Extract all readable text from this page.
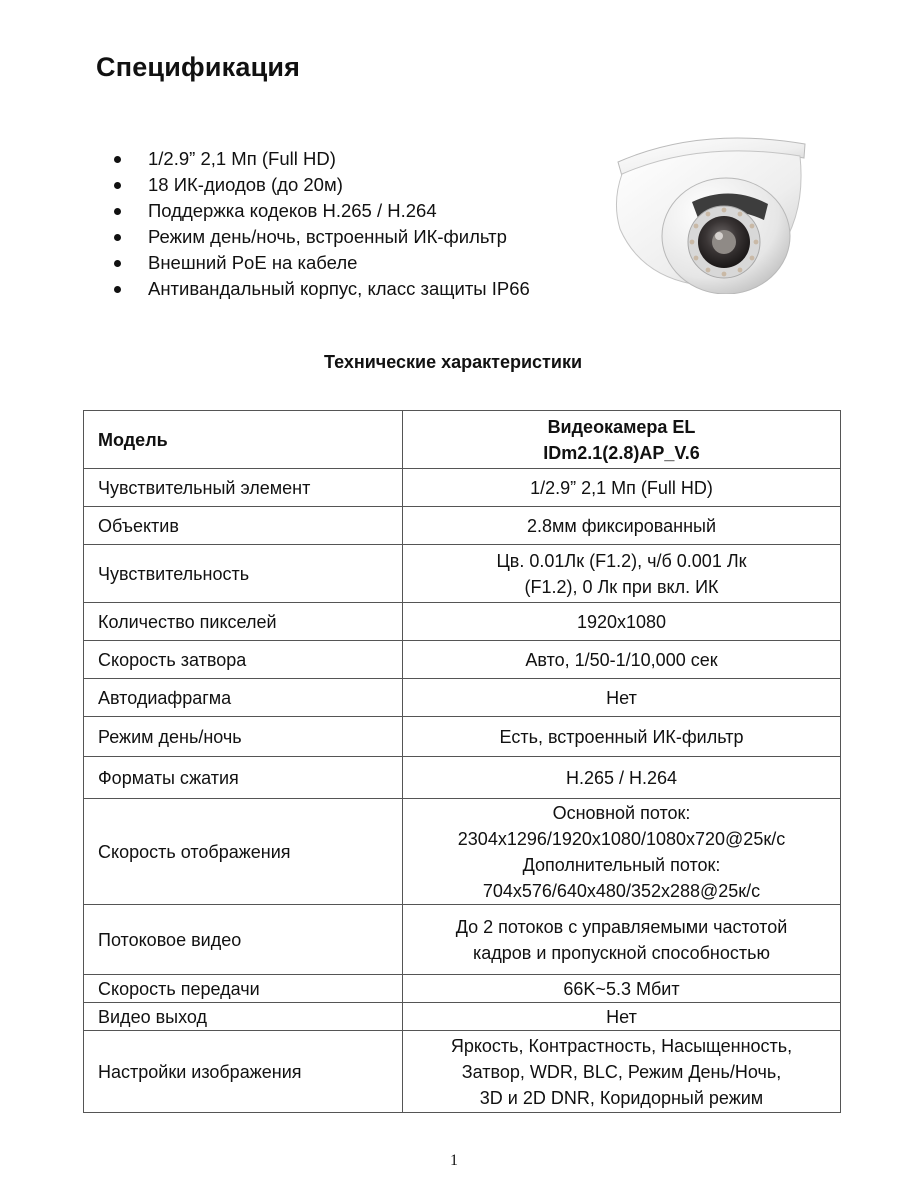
Спецификация
1/2.9” 2,1 Мп (Full HD)
18 ИК-диодов (до 20м)
Поддержка кодеков H.265 / H.264
Режим день/ночь, встроенный ИК-фильтр
Внешний PoE на кабеле
Антивандальный корпус, класс защиты IP66
Технические характеристики
Модель	Видеокамера EL
IDm2.1(2.8)AP_V.6

Чувствительный элемент	1/2.9” 2,1 Мп (Full HD)

Объектив	2.8мм фиксированный

Чувствительность	Цв. 0.01Лк (F1.2), ч/б 0.001 Лк
(F1.2), 0 Лк при вкл. ИК

Количество пикселей	1920x1080

Скорость затвора	Авто, 1/50-1/10,000 сек

Автодиафрагма	Нет

Режим день/ночь	Есть, встроенный ИК-фильтр

Форматы сжатия	H.265 / H.264

Скорость отображения	Основной поток:
2304x1296/1920x1080/1080x720@25к/с
Дополнительный поток:
704x576/640x480/352x288@25к/с

Потоковое видео	До 2 потоков с управляемыми частотой
кадров и пропускной способностью

Скорость передачи	66K~5.3 Мбит

Видео выход	Нет

Настройки изображения	Яркость, Контрастность, Насыщенность,
Затвор, WDR, BLC, Режим День/Ночь,
3D и 2D DNR, Коридорный режим
1
